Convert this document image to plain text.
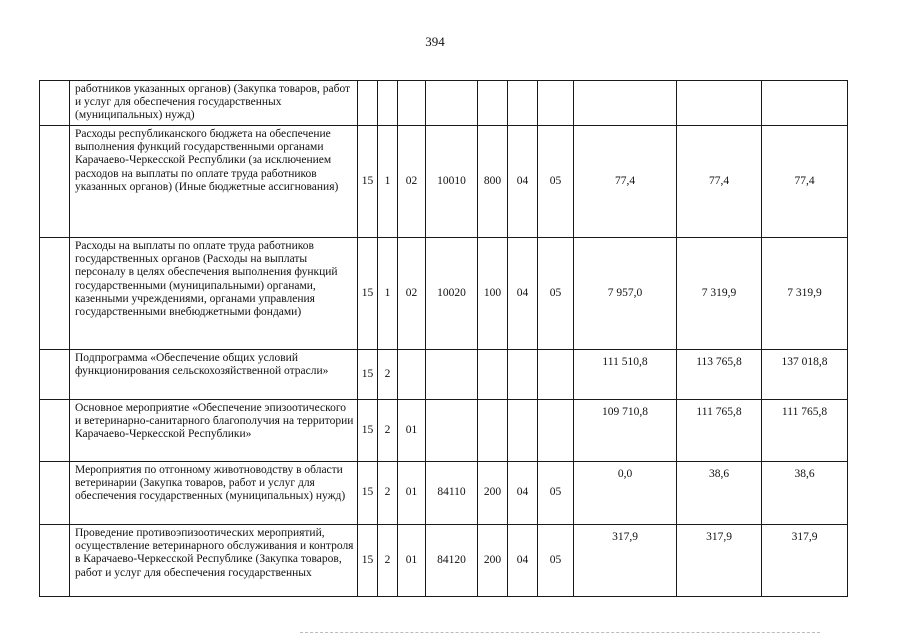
394

	работников указанных органов) (Закупка товаров, работ и услуг для обеспечения государственных (муниципальных) нужд)										

	Расходы республиканского бюджета на обеспечение выполнения функций государственными органами Карачаево-Черкесской Республики (за исключением расходов на выплаты по оплате труда работников указанных органов) (Иные бюджетные ассигнования)	15	1	02	10010	800	04	05	77,4	77,4	77,4

	Расходы на выплаты по оплате труда работников государственных органов (Расходы на выплаты персоналу в целях обеспечения выполнения функций государственными (муниципальными) органами, казенными учреждениями, органами управления государственными внебюджетными фондами)	15	1	02	10020	100	04	05	7 957,0	7 319,9	7 319,9

	Подпрограмма «Обеспечение общих условий функционирования сельскохозяйственной отрасли»	15	2						111 510,8	113 765,8	137 018,8

	Основное мероприятие «Обеспечение эпизоотического и ветеринарно-санитарного благополучия на территории Карачаево-Черкесской Республики»	15	2	01					109 710,8	111 765,8	111 765,8

	Мероприятия по отгонному животноводству в области ветеринарии (Закупка товаров, работ и услуг для обеспечения государственных (муниципальных) нужд)	15	2	01	84110	200	04	05	0,0	38,6	38,6

	Проведение противоэпизоотических мероприятий, осуществление ветеринарного обслуживания и контроля в Карачаево-Черкесской Республике (Закупка товаров, работ и услуг для обеспечения государственных	15	2	01	84120	200	04	05	317,9	317,9	317,9
